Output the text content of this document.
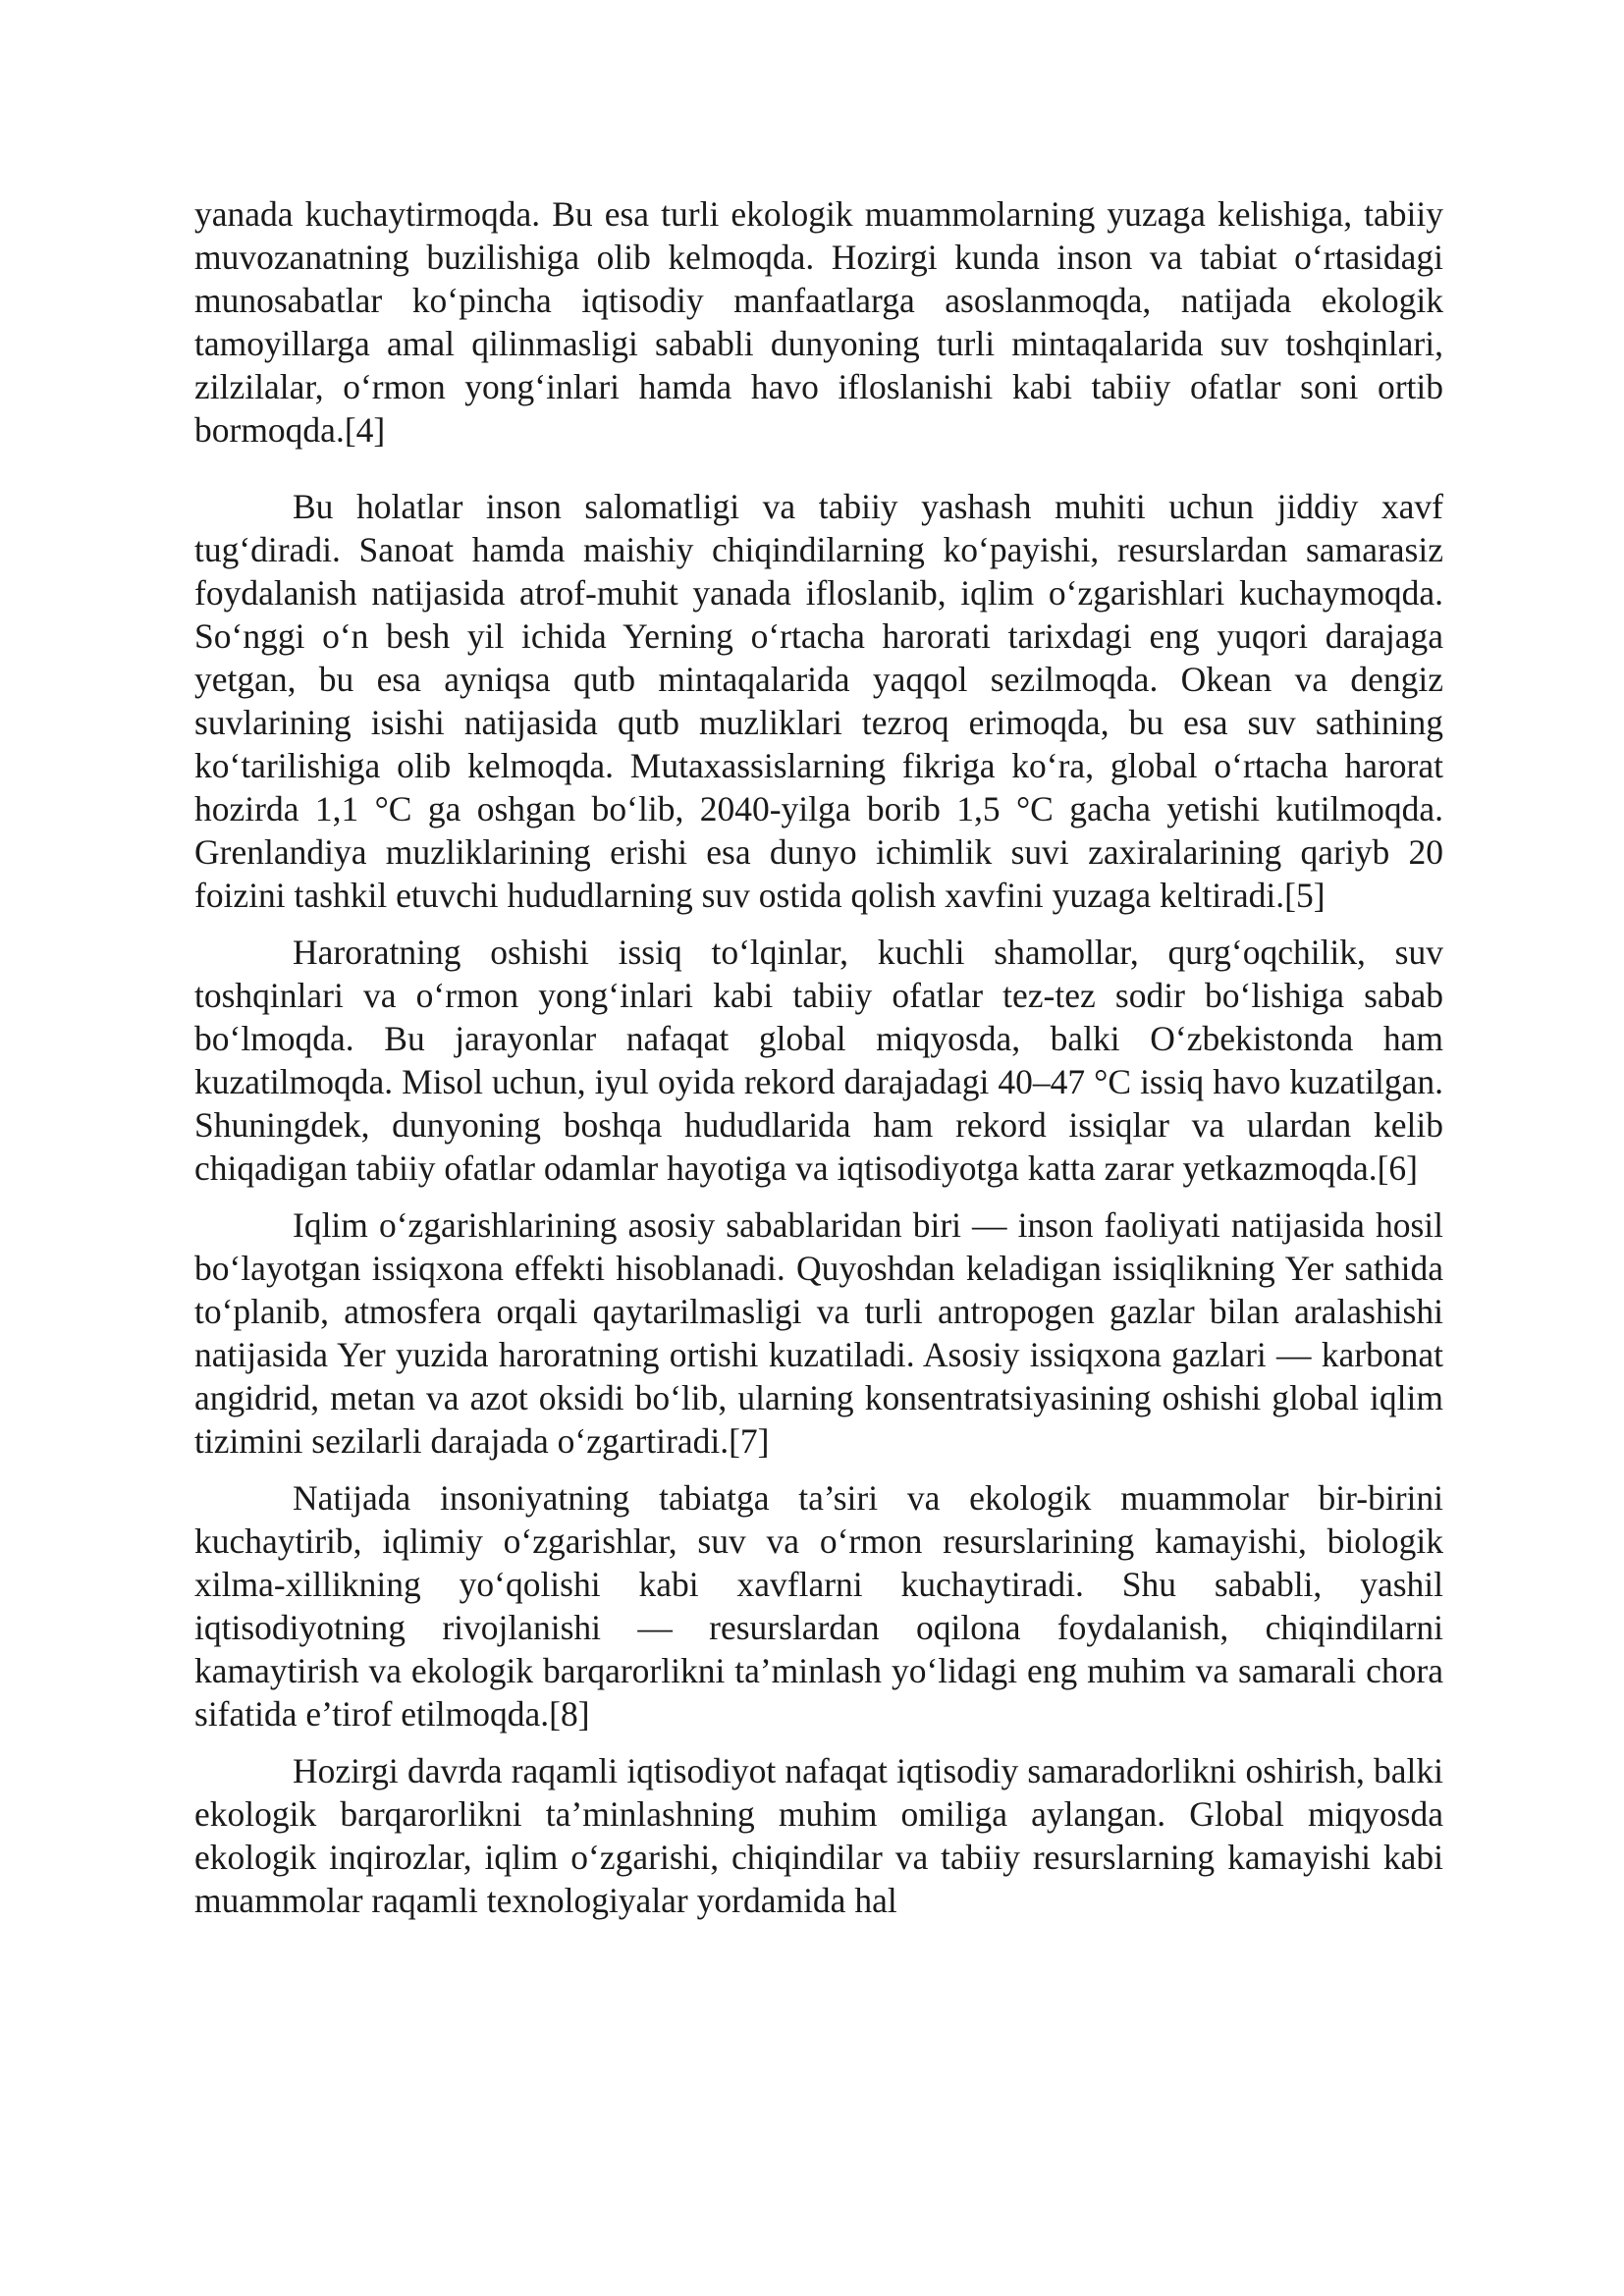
yanada kuchaytirmoqda. Bu esa turli ekologik muammolarning yuzaga kelishiga, tabiiy muvozanatning buzilishiga olib kelmoqda. Hozirgi kunda inson va tabiat o‘rtasidagi munosabatlar ko‘pincha iqtisodiy manfaatlarga asoslanmoqda, natijada ekologik tamoyillarga amal qilinmasligi sababli dunyoning turli mintaqalarida suv toshqinlari, zilzilalar, o‘rmon yong‘inlari hamda havo ifloslanishi kabi tabiiy ofatlar soni ortib bormoqda.[4]

Bu holatlar inson salomatligi va tabiiy yashash muhiti uchun jiddiy xavf tug‘diradi. Sanoat hamda maishiy chiqindilarning ko‘payishi, resurslardan samarasiz foydalanish natijasida atrof-muhit yanada ifloslanib, iqlim o‘zgarishlari kuchaymoqda. So‘nggi o‘n besh yil ichida Yerning o‘rtacha harorati tarixdagi eng yuqori darajaga yetgan, bu esa ayniqsa qutb mintaqalarida yaqqol sezilmoqda. Okean va dengiz suvlarining isishi natijasida qutb muzliklari tezroq erimoqda, bu esa suv sathining ko‘tarilishiga olib kelmoqda. Mutaxassislarning fikriga ko‘ra, global o‘rtacha harorat hozirda 1,1 °C ga oshgan bo‘lib, 2040-yilga borib 1,5 °C gacha yetishi kutilmoqda. Grenlandiya muzliklarining erishi esa dunyo ichimlik suvi zaxiralarining qariyb 20 foizini tashkil etuvchi hududlarning suv ostida qolish xavfini yuzaga keltiradi.[5]

Haroratning oshishi issiq to‘lqinlar, kuchli shamollar, qurg‘oqchilik, suv toshqinlari va o‘rmon yong‘inlari kabi tabiiy ofatlar tez-tez sodir bo‘lishiga sabab bo‘lmoqda. Bu jarayonlar nafaqat global miqyosda, balki O‘zbekistonda ham kuzatilmoqda. Misol uchun, iyul oyida rekord darajadagi 40–47 °C issiq havo kuzatilgan. Shuningdek, dunyoning boshqa hududlarida ham rekord issiqlar va ulardan kelib chiqadigan tabiiy ofatlar odamlar hayotiga va iqtisodiyotga katta zarar yetkazmoqda.[6]

Iqlim o‘zgarishlarining asosiy sabablaridan biri — inson faoliyati natijasida hosil bo‘layotgan issiqxona effekti hisoblanadi. Quyoshdan keladigan issiqlikning Yer sathida to‘planib, atmosfera orqali qaytarilmasligi va turli antropogen gazlar bilan aralashishi natijasida Yer yuzida haroratning ortishi kuzatiladi. Asosiy issiqxona gazlari — karbonat angidrid, metan va azot oksidi bo‘lib, ularning konsentratsiyasining oshishi global iqlim tizimini sezilarli darajada o‘zgartiradi.[7]

Natijada insoniyatning tabiatga ta’siri va ekologik muammolar bir-birini kuchaytirib, iqlimiy o‘zgarishlar, suv va o‘rmon resurslarining kamayishi, biologik xilma-xillikning yo‘qolishi kabi xavflarni kuchaytiradi. Shu sababli, yashil iqtisodiyotning rivojlanishi — resurslardan oqilona foydalanish, chiqindilarni kamaytirish va ekologik barqarorlikni ta’minlash yo‘lidagi eng muhim va samarali chora sifatida e’tirof etilmoqda.[8]

Hozirgi davrda raqamli iqtisodiyot nafaqat iqtisodiy samaradorlikni oshirish, balki ekologik barqarorlikni ta’minlashning muhim omiliga aylangan. Global miqyosda ekologik inqirozlar, iqlim o‘zgarishi, chiqindilar va tabiiy resurslarning kamayishi kabi muammolar raqamli texnologiyalar yordamida hal
